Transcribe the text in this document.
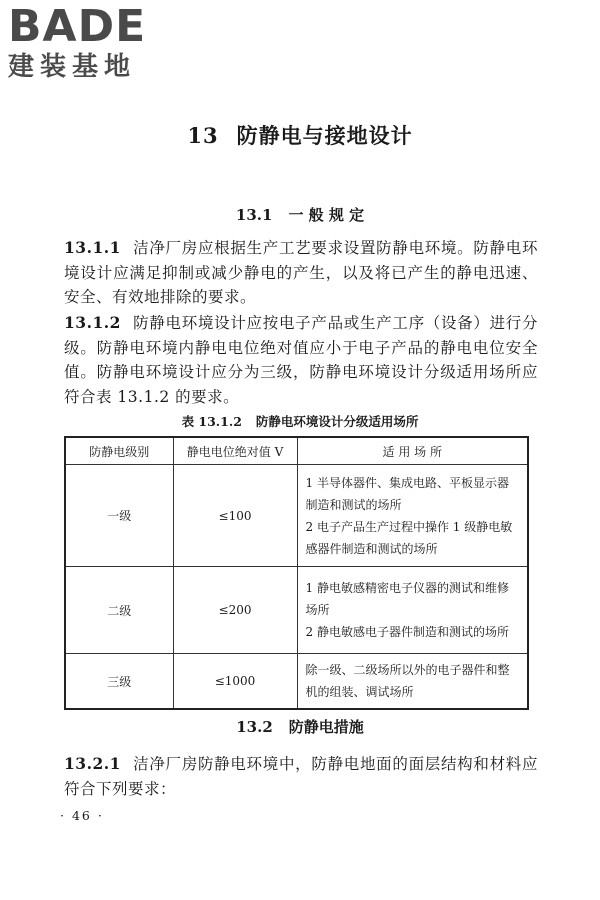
BADE
建装基地
13 防静电与接地设计
13.1 一 般 规 定
13.1.1 洁净厂房应根据生产工艺要求设置防静电环境。防静电环境设计应满足抑制或减少静电的产生，以及将已产生的静电迅速、安全、有效地排除的要求。
13.1.2 防静电环境设计应按电子产品或生产工序（设备）进行分级。防静电环境内静电电位绝对值应小于电子产品的静电电位安全值。防静电环境设计应分为三级，防静电环境设计分级适用场所应符合表 13.1.2 的要求。
表 13.1.2 防静电环境设计分级适用场所
防静电级别	静电电位绝对值 V	适 用 场 所
一级	≤100	1 半导体器件、集成电路、平板显示器制造和测试的场所
2 电子产品生产过程中操作 1 级静电敏感器件制造和测试的场所

二级	≤200	1 静电敏感精密电子仪器的测试和维修场所
2 静电敏感电子器件制造和测试的场所

三级	≤1000	除一级、二级场所以外的电子器件和整机的组装、调试场所
13.2 防静电措施
13.2.1 洁净厂房防静电环境中，防静电地面的面层结构和材料应符合下列要求：
· 46 ·
